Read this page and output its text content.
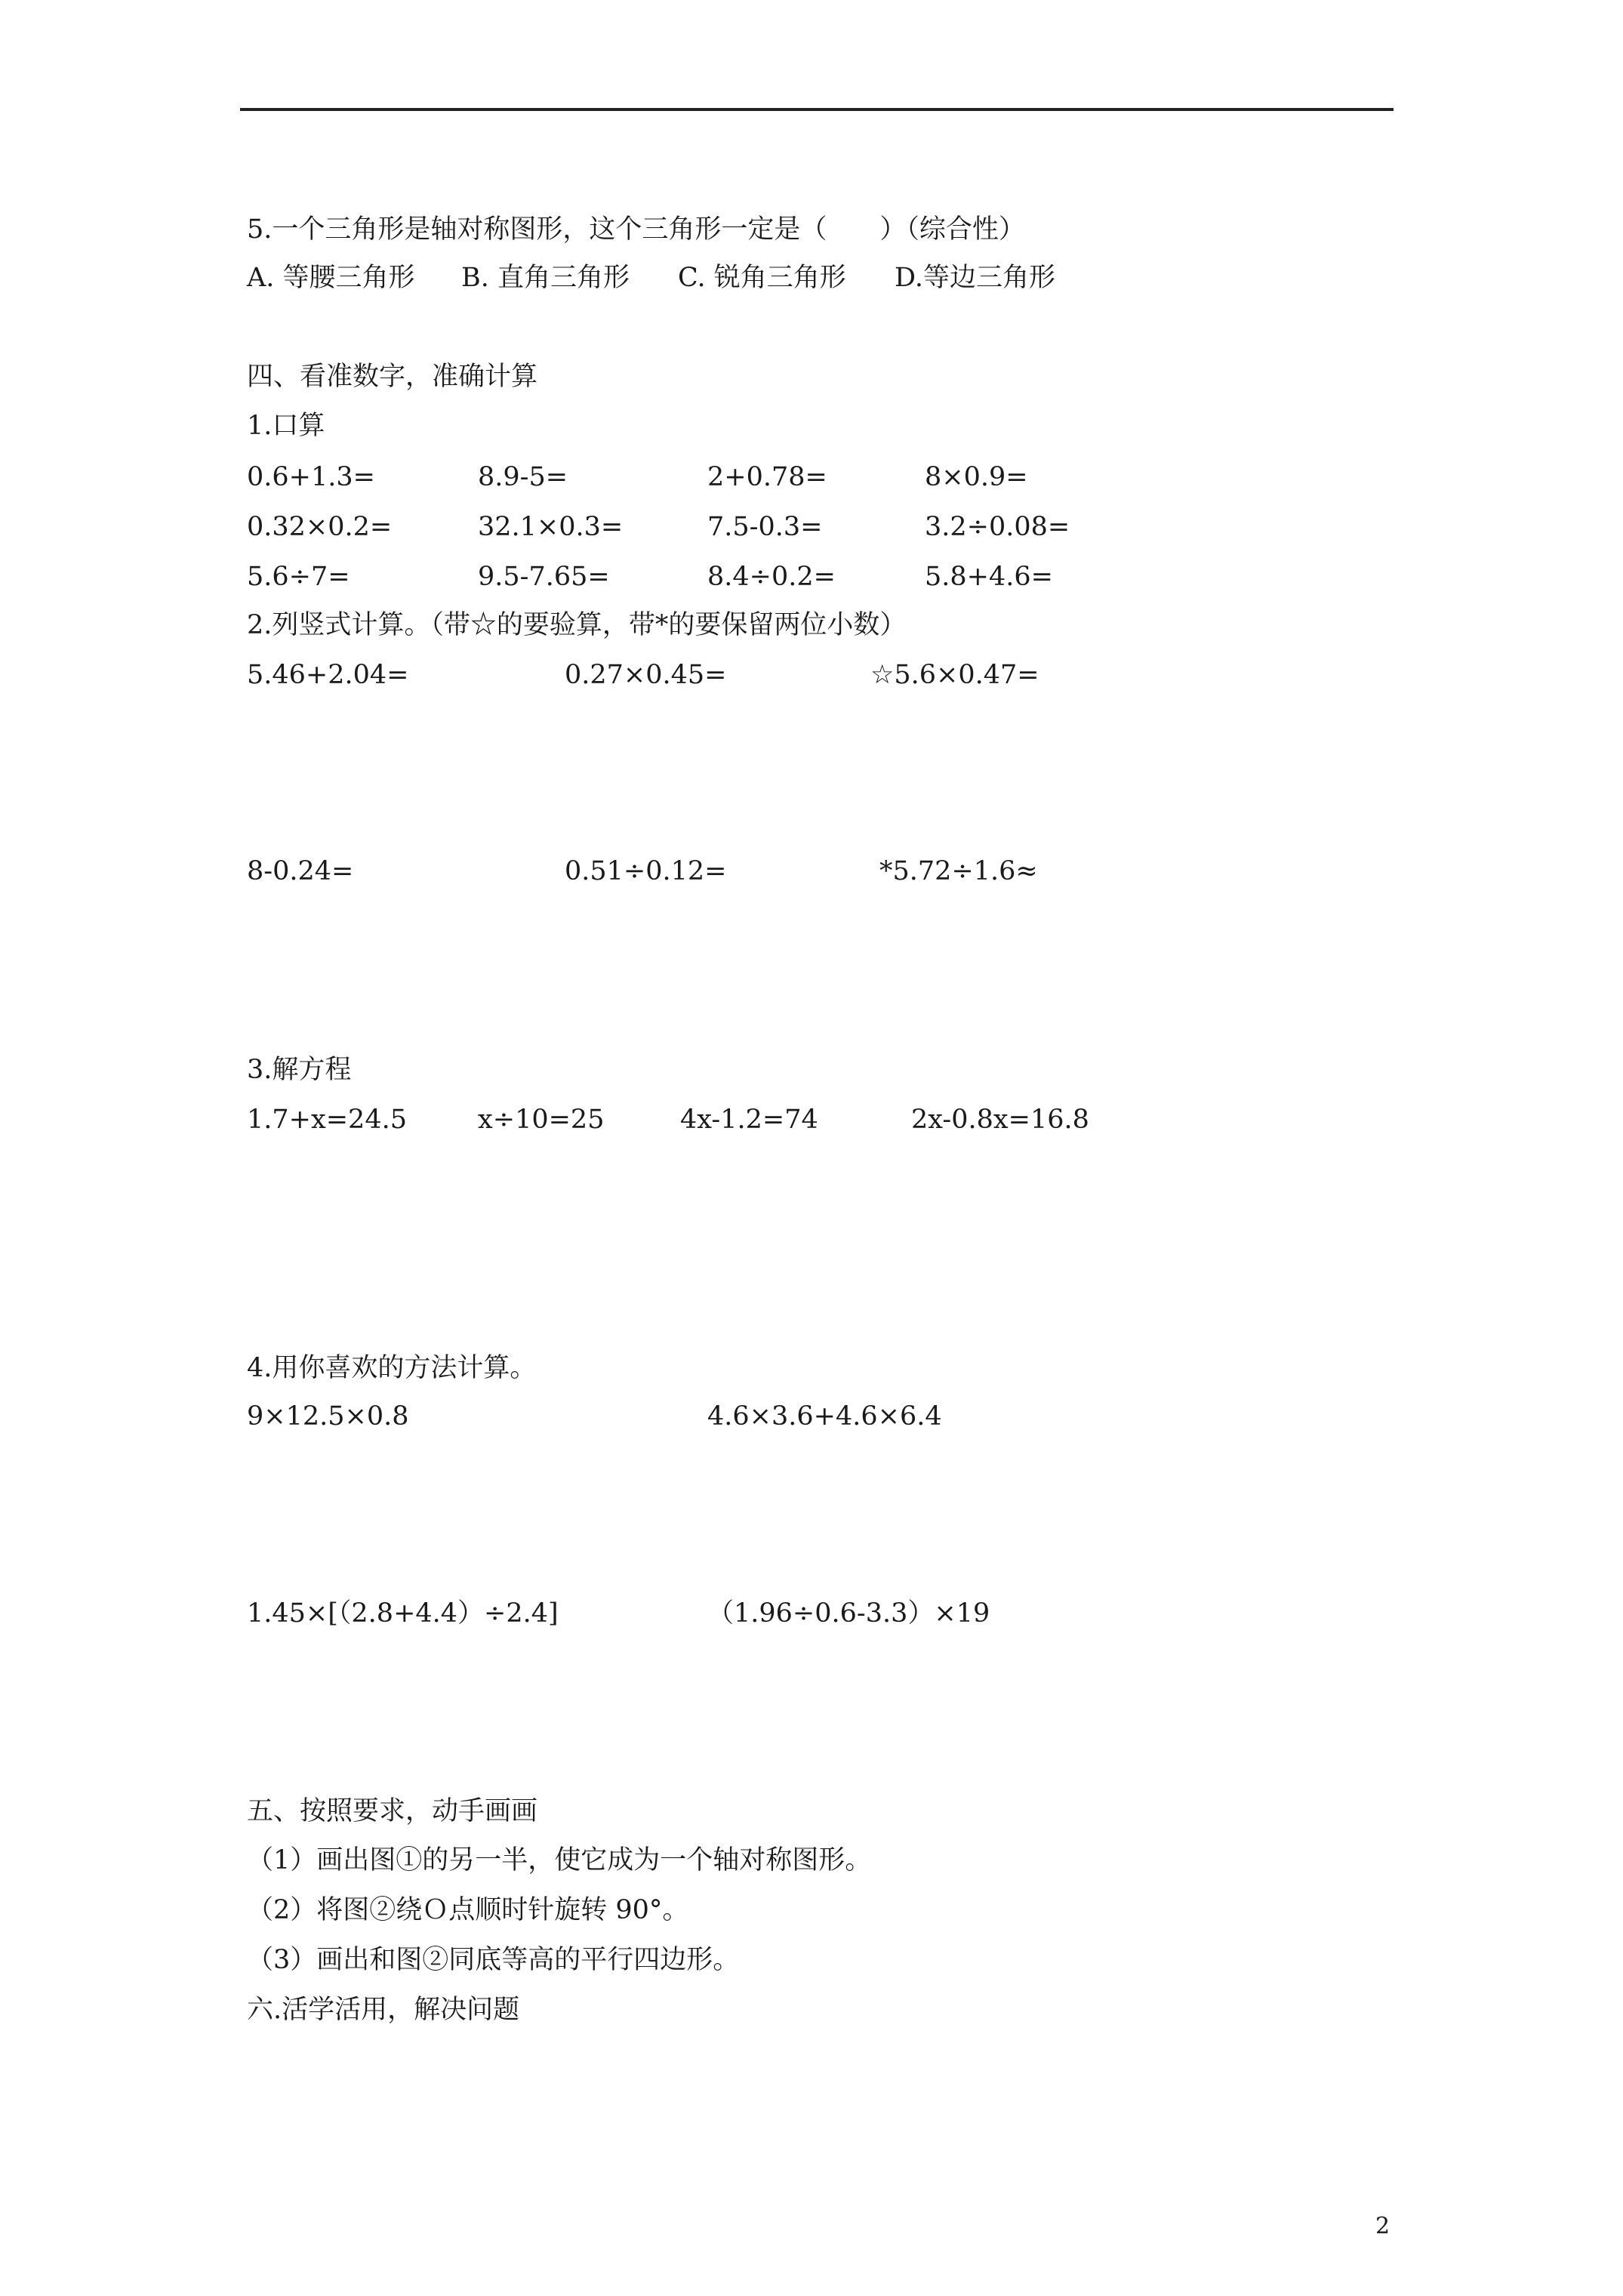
5.一个三角形是轴对称图形，这个三角形一定是（　　）（综合性）
A. 等腰三角形 B. 直角三角形 C. 锐角三角形 D.等边三角形
四、看准数字，准确计算
1.口算
0.6+1.3=	8.9-5=	2+0.78=	8×0.9=
0.32×0.2=	32.1×0.3=	7.5-0.3=	3.2÷0.08=
5.6÷7=	9.5-7.65=	8.4÷0.2=	5.8+4.6=
2.列竖式计算。（带☆的要验算，带*的要保留两位小数）
5.46+2.04=	0.27×0.45=	☆5.6×0.47=
8-0.24=	0.51÷0.12=	*5.72÷1.6≈
3.解方程
1.7+x=24.5	x÷10=25	4x-1.2=74	2x-0.8x=16.8
4.用你喜欢的方法计算。
9×12.5×0.8	4.6×3.6+4.6×6.4
1.45×[（2.8+4.4）÷2.4]	（1.96÷0.6-3.3）×19
五、按照要求，动手画画
（1）画出图①的另一半，使它成为一个轴对称图形。
（2）将图②绕Ｏ点顺时针旋转 90°。
（3）画出和图②同底等高的平行四边形。
六.活学活用，解决问题
2
